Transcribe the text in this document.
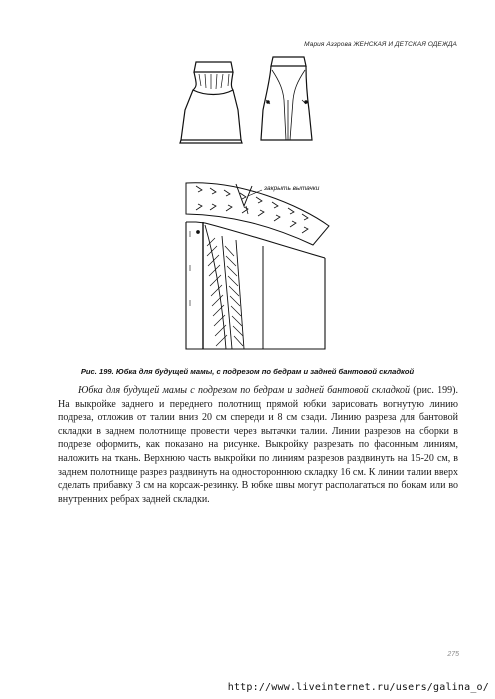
Мария Аззрова ЖЕНСКАЯ И ДЕТСКАЯ ОДЕЖДА
закрыть вытачки
Рис. 199. Юбка для будущей мамы, с подрезом по бедрам и задней бантовой складкой

Юбка для будущей мамы с подрезом по бедрам и задней бантовой складкой (рис. 199). На выкройке заднего и переднего полотнищ прямой юбки зарисовать вогнутую линию подреза, отложив от талии вниз 20 см спереди и 8 см сзади. Линию разреза для бантовой складки в заднем полотнище провести через вытачки талии. Линии разрезов на сборки в подрезе оформить, как показано на рисунке. Выкройку разрезать по фасонным линиям, наложить на ткань. Верхнюю часть выкройки по линиям разрезов раздвинуть на 15-20 см, в заднем полотнище разрез раздвинуть на одностороннюю складку 16 см. К линии талии вверх сделать прибавку 3 см на корсаж-резинку. В юбке швы могут располагаться по бокам или во внутренних ребрах задней складки.

275
http://www.liveinternet.ru/users/galina_o/
